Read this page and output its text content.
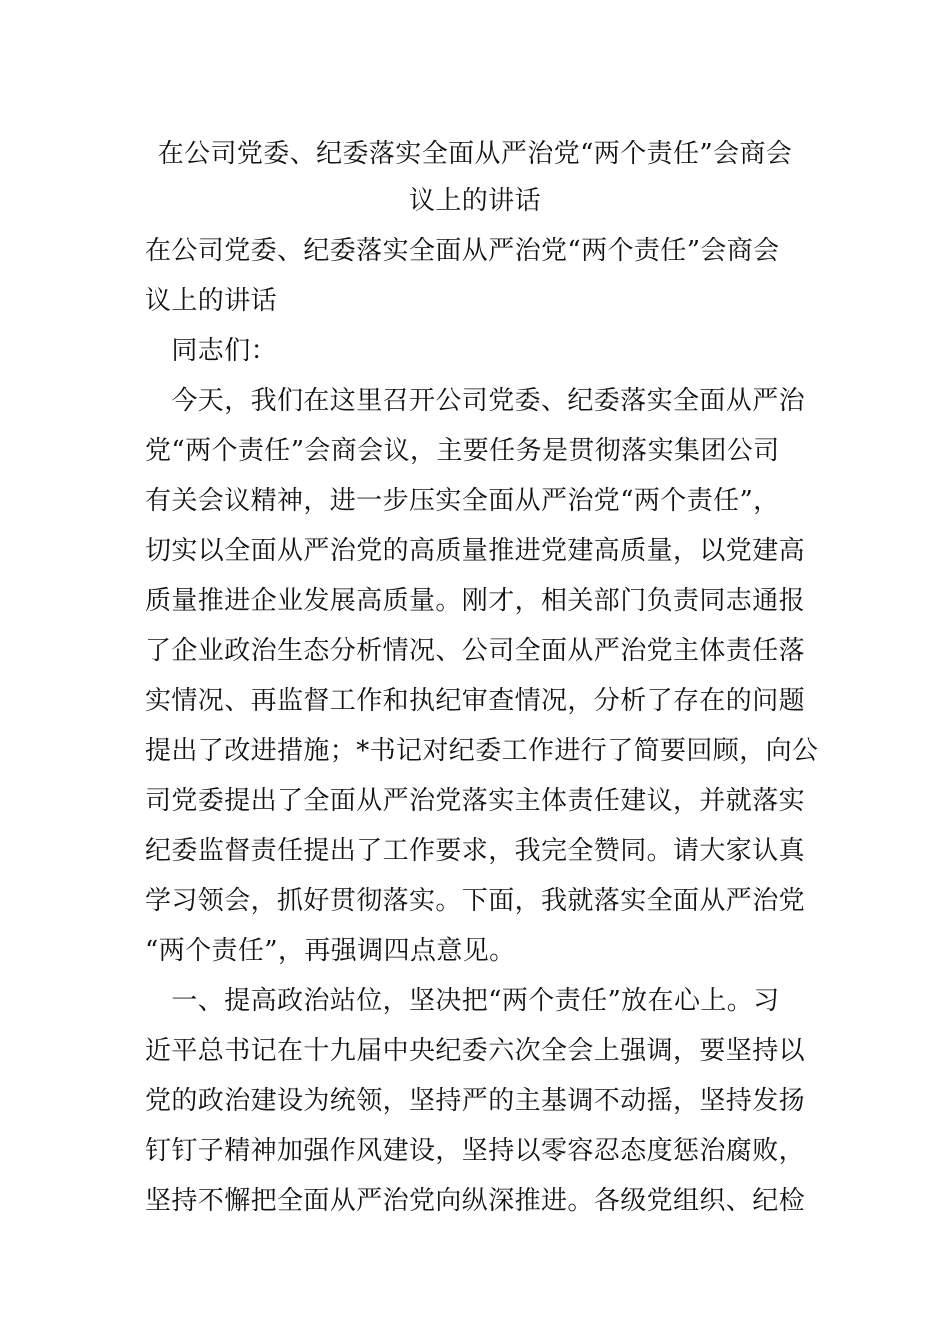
在公司党委、纪委落实全面从严治党“两个责任”会商会
议上的讲话
在公司党委、纪委落实全面从严治党“两个责任”会商会
议上的讲话
　同志们：
　今天，我们在这里召开公司党委、纪委落实全面从严治
党“两个责任”会商会议，主要任务是贯彻落实集团公司
有关会议精神，进一步压实全面从严治党“两个责任”，
切实以全面从严治党的高质量推进党建高质量，以党建高
质量推进企业发展高质量。刚才，相关部门负责同志通报
了企业政治生态分析情况、公司全面从严治党主体责任落
实情况、再监督工作和执纪审查情况，分析了存在的问题
提出了改进措施；*书记对纪委工作进行了简要回顾，向公
司党委提出了全面从严治党落实主体责任建议，并就落实
纪委监督责任提出了工作要求，我完全赞同。请大家认真
学习领会，抓好贯彻落实。下面，我就落实全面从严治党
“两个责任”，再强调四点意见。
　一、提高政治站位，坚决把“两个责任”放在心上。习
近平总书记在十九届中央纪委六次全会上强调，要坚持以
党的政治建设为统领，坚持严的主基调不动摇，坚持发扬
钉钉子精神加强作风建设，坚持以零容忍态度惩治腐败，
坚持不懈把全面从严治党向纵深推进。各级党组织、纪检
